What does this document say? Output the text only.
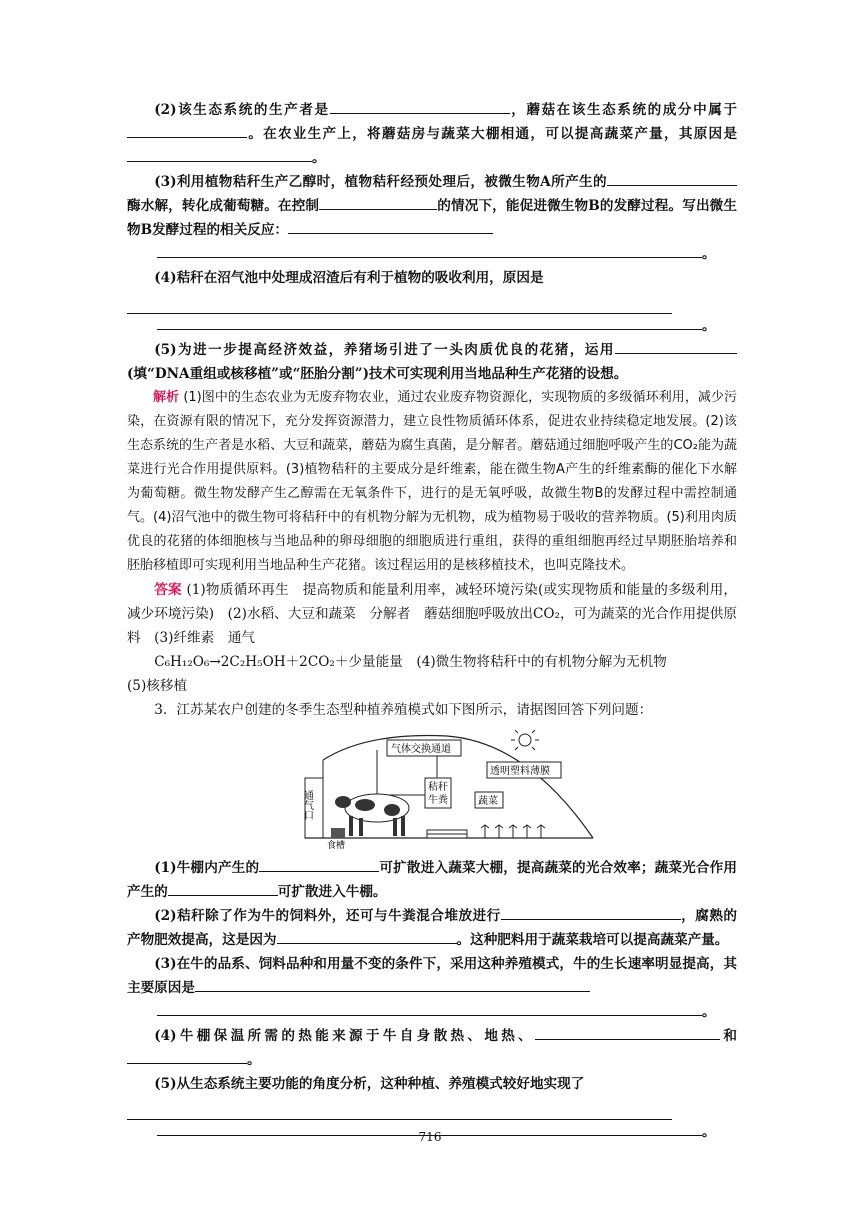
(2)该生态系统的生产者是	，蘑菇在该生态系统的成分中属于。在农业生产上，将蘑菇房与蔬菜大棚相通，可以提高蔬菜产量，其原因是。

(3)利用植物秸秆生产乙醇时，植物秸秆经预处理后，被微生物A所产生的酶水解，转化成葡萄糖。在控制	的情况下，能促进微生物B的发酵过程。写出微生物B发酵过程的相关反应：

。

(4)秸秆在沼气池中处理成沼渣后有利于植物的吸收利用，原因是

。

(5)为进一步提高经济效益，养猪场引进了一头肉质优良的花猪，运用(填“DNA重组或核移植”或“胚胎分割”)技术可实现利用当地品种生产花猪的设想。

解析 (1)图中的生态农业为无废弃物农业，通过农业废弃物资源化，实现物质的多级循环利用，减少污染，在资源有限的情况下，充分发挥资源潜力，建立良性物质循环体系，促进农业持续稳定地发展。(2)该生态系统的生产者是水稻、大豆和蔬菜，蘑菇为腐生真菌，是分解者。蘑菇通过细胞呼吸产生的CO₂能为蔬菜进行光合作用提供原料。(3)植物秸秆的主要成分是纤维素，能在微生物A产生的纤维素酶的催化下水解为葡萄糖。微生物发酵产生乙醇需在无氧条件下，进行的是无氧呼吸，故微生物B的发酵过程中需控制通气。(4)沼气池中的微生物可将秸秆中的有机物分解为无机物，成为植物易于吸收的营养物质。(5)利用肉质优良的花猪的体细胞核与当地品种的卵母细胞的细胞质进行重组，获得的重组细胞再经过早期胚胎培养和胚胎移植即可实现利用当地品种生产花猪。该过程运用的是核移植技术，也叫克隆技术。

答案 (1)物质循环再生　提高物质和能量利用率，减轻环境污染(或实现物质和能量的多级利用，减少环境污染)　(2)水稻、大豆和蔬菜　分解者　蘑菇细胞呼吸放出CO₂，可为蔬菜的光合作用提供原料　(3)纤维素　通气

C₆H₁₂O₆→2C₂H₅OH＋2CO₂＋少量能量　(4)微生物将秸秆中的有机物分解为无机物

(5)核移植

3．江苏某农户创建的冬季生态型种植养殖模式如下图所示，请据图回答下列问题：

气体交换通道
透明塑料薄膜
秸秆
牛粪	蔬菜
通气口
食槽

(1)牛棚内产生的	可扩散进入蔬菜大棚，提高蔬菜的光合效率；蔬菜光合作用产生的	可扩散进入牛棚。

(2)秸秆除了作为牛的饲料外，还可与牛粪混合堆放进行	，腐熟的产物肥效提高，这是因为	。这种肥料用于蔬菜栽培可以提高蔬菜产量。

(3)在牛的品系、饲料品种和用量不变的条件下，采用这种养殖模式，牛的生长速率明显提高，其主要原因是

。

(4)牛棚保温所需的热能来源于牛自身散热、地热、	和。

(5)从生态系统主要功能的角度分析，这种种植、养殖模式较好地实现了

。

716
